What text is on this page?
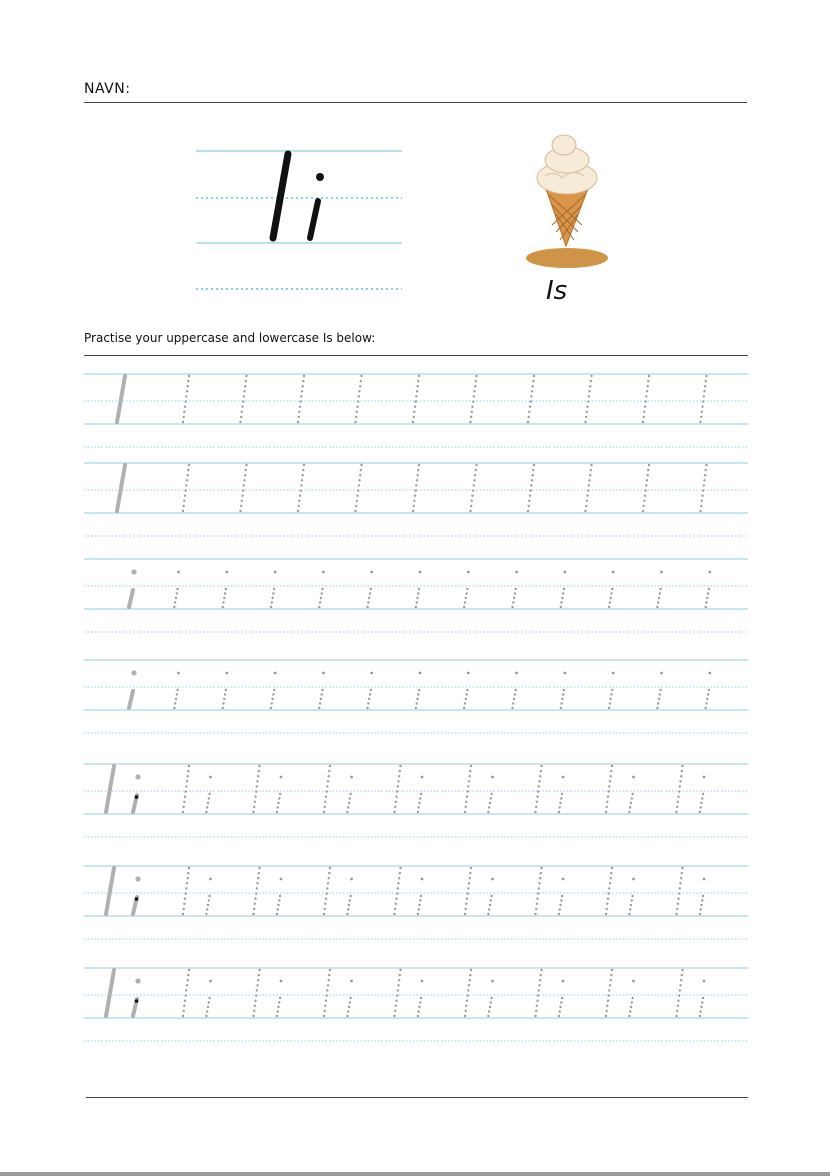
NAVN:
Is
Practise your uppercase and lowercase Is below:
